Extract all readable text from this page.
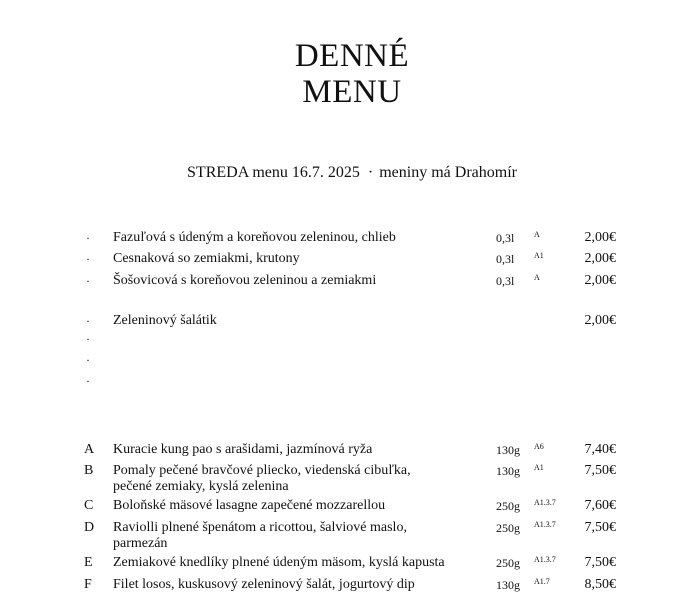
DENNÉ
MENU
STREDA menu 16.7. 2025 · meniny má Drahomír
· Fazuľová s údeným a koreňovou zeleninou, chlieb	0,3l A	2,00€
· Cesnaková so zemiakmi, krutony	0,3l A1	2,00€
· Šošovicová s koreňovou zeleninou a zemiakmi	0,3l A	2,00€
· Zeleninový šalátik	2,00€
·
·
·
A Kuracie kung pao s arašidami, jazmínová ryža	130g A6	7,40€
B Pomaly pečené bravčové pliecko, viedenská cibuľka,
pečené zemiaky, kyslá zelenina
130g A1	7,50€
C Boloňské mäsové lasagne zapečené mozzarellou	250g A1.3.7 7,60€
D Raviolli plnené špenátom a ricottou, šalviové maslo,
parmezán
250g A1.3.7 7,50€
E Zemiakové knedlíky plnené údeným mäsom, kyslá kapusta	250g A1.3.7 7,50€
F Filet losos, kuskusový zeleninový šalát, jogurtový dip	130g A1.7 8,50€
